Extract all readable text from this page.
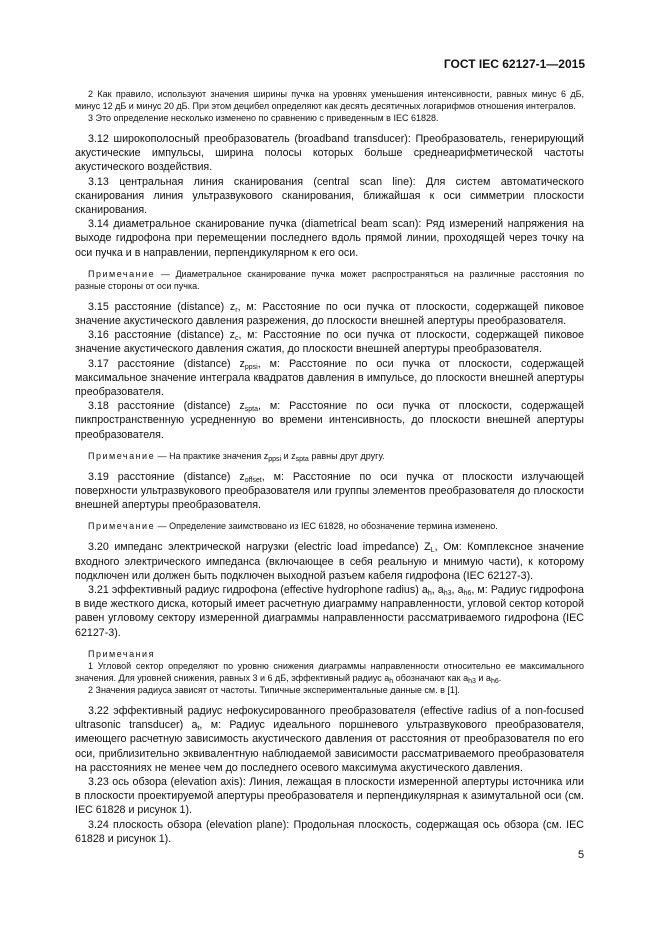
ГОСТ IEC 62127-1—2015

2 Как правило, используют значения ширины пучка на уровнях уменьшения интенсивности, равных минус 6 дБ, минус 12 дБ и минус 20 дБ. При этом децибел определяют как десять десятичных логарифмов отношения интегралов.

3 Это определение несколько изменено по сравнению с приведенным в IEC 61828.

3.12 широкополосный преобразователь (broadband transducer): Преобразователь, генерирующий акустические импульсы, ширина полосы которых больше среднеарифметической частоты акустического воздействия.

3.13 центральная линия сканирования (central scan line): Для систем автоматического сканирования линия ультразвукового сканирования, ближайшая к оси симметрии плоскости сканирования.

3.14 диаметральное сканирование пучка (diametrical beam scan): Ряд измерений напряжения на выходе гидрофона при перемещении последнего вдоль прямой линии, проходящей через точку на оси пучка и в направлении, перпендикулярном к его оси.

Примечание — Диаметральное сканирование пучка может распространяться на различные расстояния по разные стороны от оси пучка.

3.15 расстояние (distance) $z_r$, м: Расстояние по оси пучка от плоскости, содержащей пиковое значение акустического давления разрежения, до плоскости внешней апертуры преобразователя.

3.16 расстояние (distance) $z_c$, м: Расстояние по оси пучка от плоскости, содержащей пиковое значение акустического давления сжатия, до плоскости внешней апертуры преобразователя.

3.17 расстояние (distance) $z_{ppsi}$, м: Расстояние по оси пучка от плоскости, содержащей максимальное значение интеграла квадратов давления в импульсе, до плоскости внешней апертуры преобразователя.

3.18 расстояние (distance) $z_{spta}$, м: Расстояние по оси пучка от плоскости, содержащей пикпространственную усредненную во времени интенсивность, до плоскости внешней апертуры преобразователя.

Примечание — На практике значения $z_{ppsi}$ и $z_{spta}$ равны друг другу.

3.19 расстояние (distance) $z_{offset}$, м: Расстояние по оси пучка от плоскости излучающей поверхности ультразвукового преобразователя или группы элементов преобразователя до плоскости внешней апертуры преобразователя.

Примечание — Определение заимствовано из IEC 61828, но обозначение термина изменено.

3.20 импеданс электрической нагрузки (electric load impedance) $Z_L$, Ом: Комплексное значение входного электрического импеданса (включающее в себя реальную и мнимую части), к которому подключен или должен быть подключен выходной разъем кабеля гидрофона (IEC 62127-3).

3.21 эффективный радиус гидрофона (effective hydrophone radius) $a_h$, $a_{h3}$, $a_{h6}$, м: Радиус гидрофона в виде жесткого диска, который имеет расчетную диаграмму направленности, угловой сектор которой равен угловому сектору измеренной диаграммы направленности рассматриваемого гидрофона (IEC 62127-3).

Примечания

1 Угловой сектор определяют по уровню снижения диаграммы направленности относительно ее максимального значения. Для уровней снижения, равных 3 и 6 дБ, эффективный радиус $a_h$ обозначают как $a_{h3}$ и $a_{h6}$.

2 Значения радиуса зависят от частоты. Типичные экспериментальные данные см. в [1].

3.22 эффективный радиус нефокусированного преобразователя (effective radius of a non-focused ultrasonic transducer) $a_t$, м: Радиус идеального поршневого ультразвукового преобразователя, имеющего расчетную зависимость акустического давления от расстояния от преобразователя по его оси, приблизительно эквивалентную наблюдаемой зависимости рассматриваемого преобразователя на расстояниях не менее чем до последнего осевого максимума акустического давления.

3.23 ось обзора (elevation axis): Линия, лежащая в плоскости измеренной апертуры источника или в плоскости проектируемой апертуры преобразователя и перпендикулярная к азимутальной оси (см. IEC 61828 и рисунок 1).

3.24 плоскость обзора (elevation plane): Продольная плоскость, содержащая ось обзора (см. IEC 61828 и рисунок 1).

5
